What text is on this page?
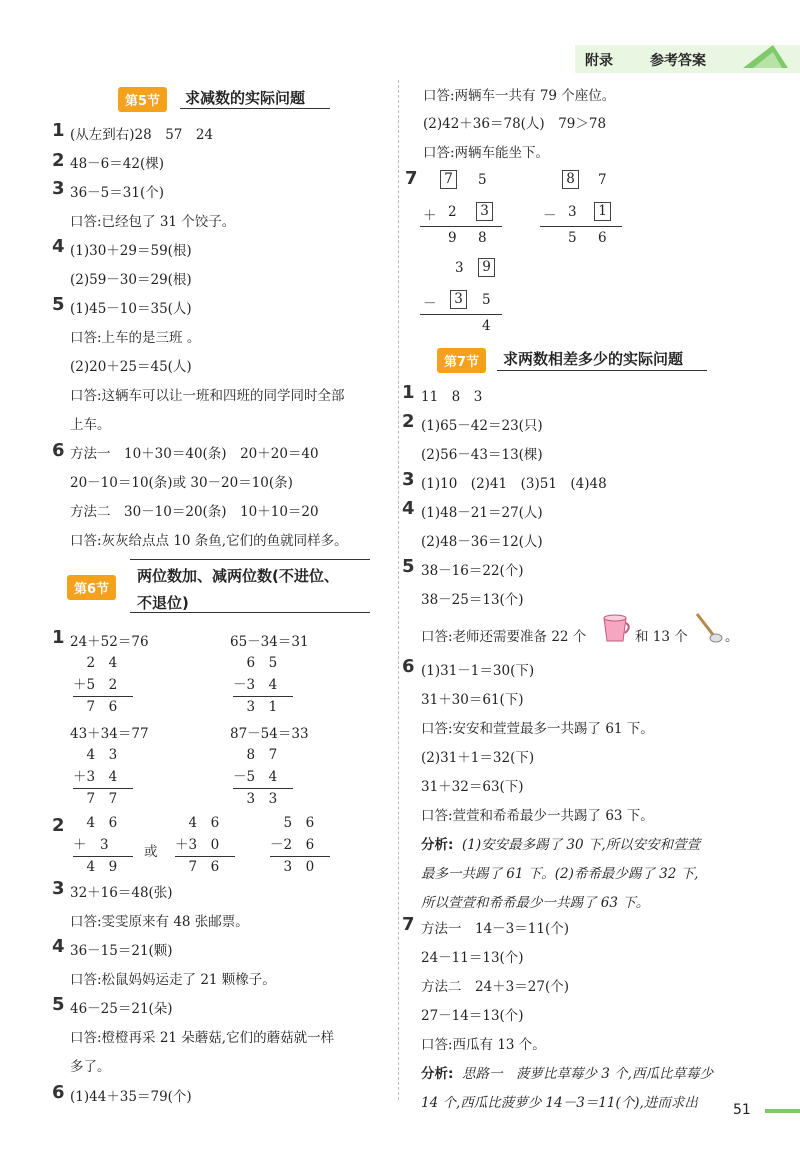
附录	参考答案
第5节	求减数的实际问题
1 (从左到右)28　57　24
2 48－6＝42(棵)
3 36－5＝31(个)
口答:已经包了 31 个饺子。
4 (1)30＋29＝59(根)
(2)59－30＝29(根)
5 (1)45－10＝35(人)
口答:上车的是三班 。
(2)20＋25＝45(人)
口答:这辆车可以让一班和四班的同学同时全部
上车。
6 方法一　10＋30＝40(条)　20＋20＝40
20－10＝10(条)或 30－20＝10(条)
方法二　30－10＝20(条)　10＋10＝20
口答:灰灰给点点 10 条鱼,它们的鱼就同样多。
第6节
两位数加、减两位数(不进位、
不退位)
1 24＋52＝76	65－34＝31
　2　4
＋5　2
　7　6
　6　5
－3　4
　3　1
43＋34＝77	87－54＝33
　4　3
＋3　4
　7　7
　8　7
－5　4
　3　3
2 　4　6
＋　3
　4　9
或
　4　6
＋3　0
　7　6
　5　6
－2　6
　3　0
3 32＋16＝48(张)
口答:雯雯原来有 48 张邮票。
4 36－15＝21(颗)
口答:松鼠妈妈运走了 21 颗橡子。
5 46－25＝21(朵)
口答:橙橙再采 21 朵蘑菇,它们的蘑菇就一样
多了。
6 (1)44＋35＝79(个)
口答:两辆车一共有 79 个座位。
(2)42＋36＝78(人)　79＞78
口答:两辆车能坐下。
7	7	5
＋ 2	3
9 8
8	7
－ 3	1
5 6
3	9
－	3	5
4
第7节	求两数相差多少的实际问题
1 11　8　3
2 (1)65－42＝23(只)
(2)56－43＝13(棵)
3 (1)10　(2)41　(3)51　(4)48
4 (1)48－21＝27(人)
(2)48－36＝12(人)
5 38－16＝22(个)
38－25＝13(个)
口答:老师还需要准备 22 个	和 13 个	。
6 (1)31－1＝30(下)
31＋30＝61(下)
口答:安安和萱萱最多一共踢了 61 下。
(2)31＋1＝32(下)
31＋32＝63(下)
口答:萱萱和希希最少一共踢了 63 下。
分析: (1)安安最多踢了 30 下,所以安安和萱萱
最多一共踢了 61 下。(2)希希最少踢了 32 下,
所以萱萱和希希最少一共踢了 63 下。
7 方法一　14－3＝11(个)
24－11＝13(个)
方法二　24＋3＝27(个)
27－14＝13(个)
口答:西瓜有 13 个。
分析: 思路一　菠萝比草莓少 3 个,西瓜比草莓少
14 个,西瓜比菠萝少 14－3＝11(个),进而求出	51
